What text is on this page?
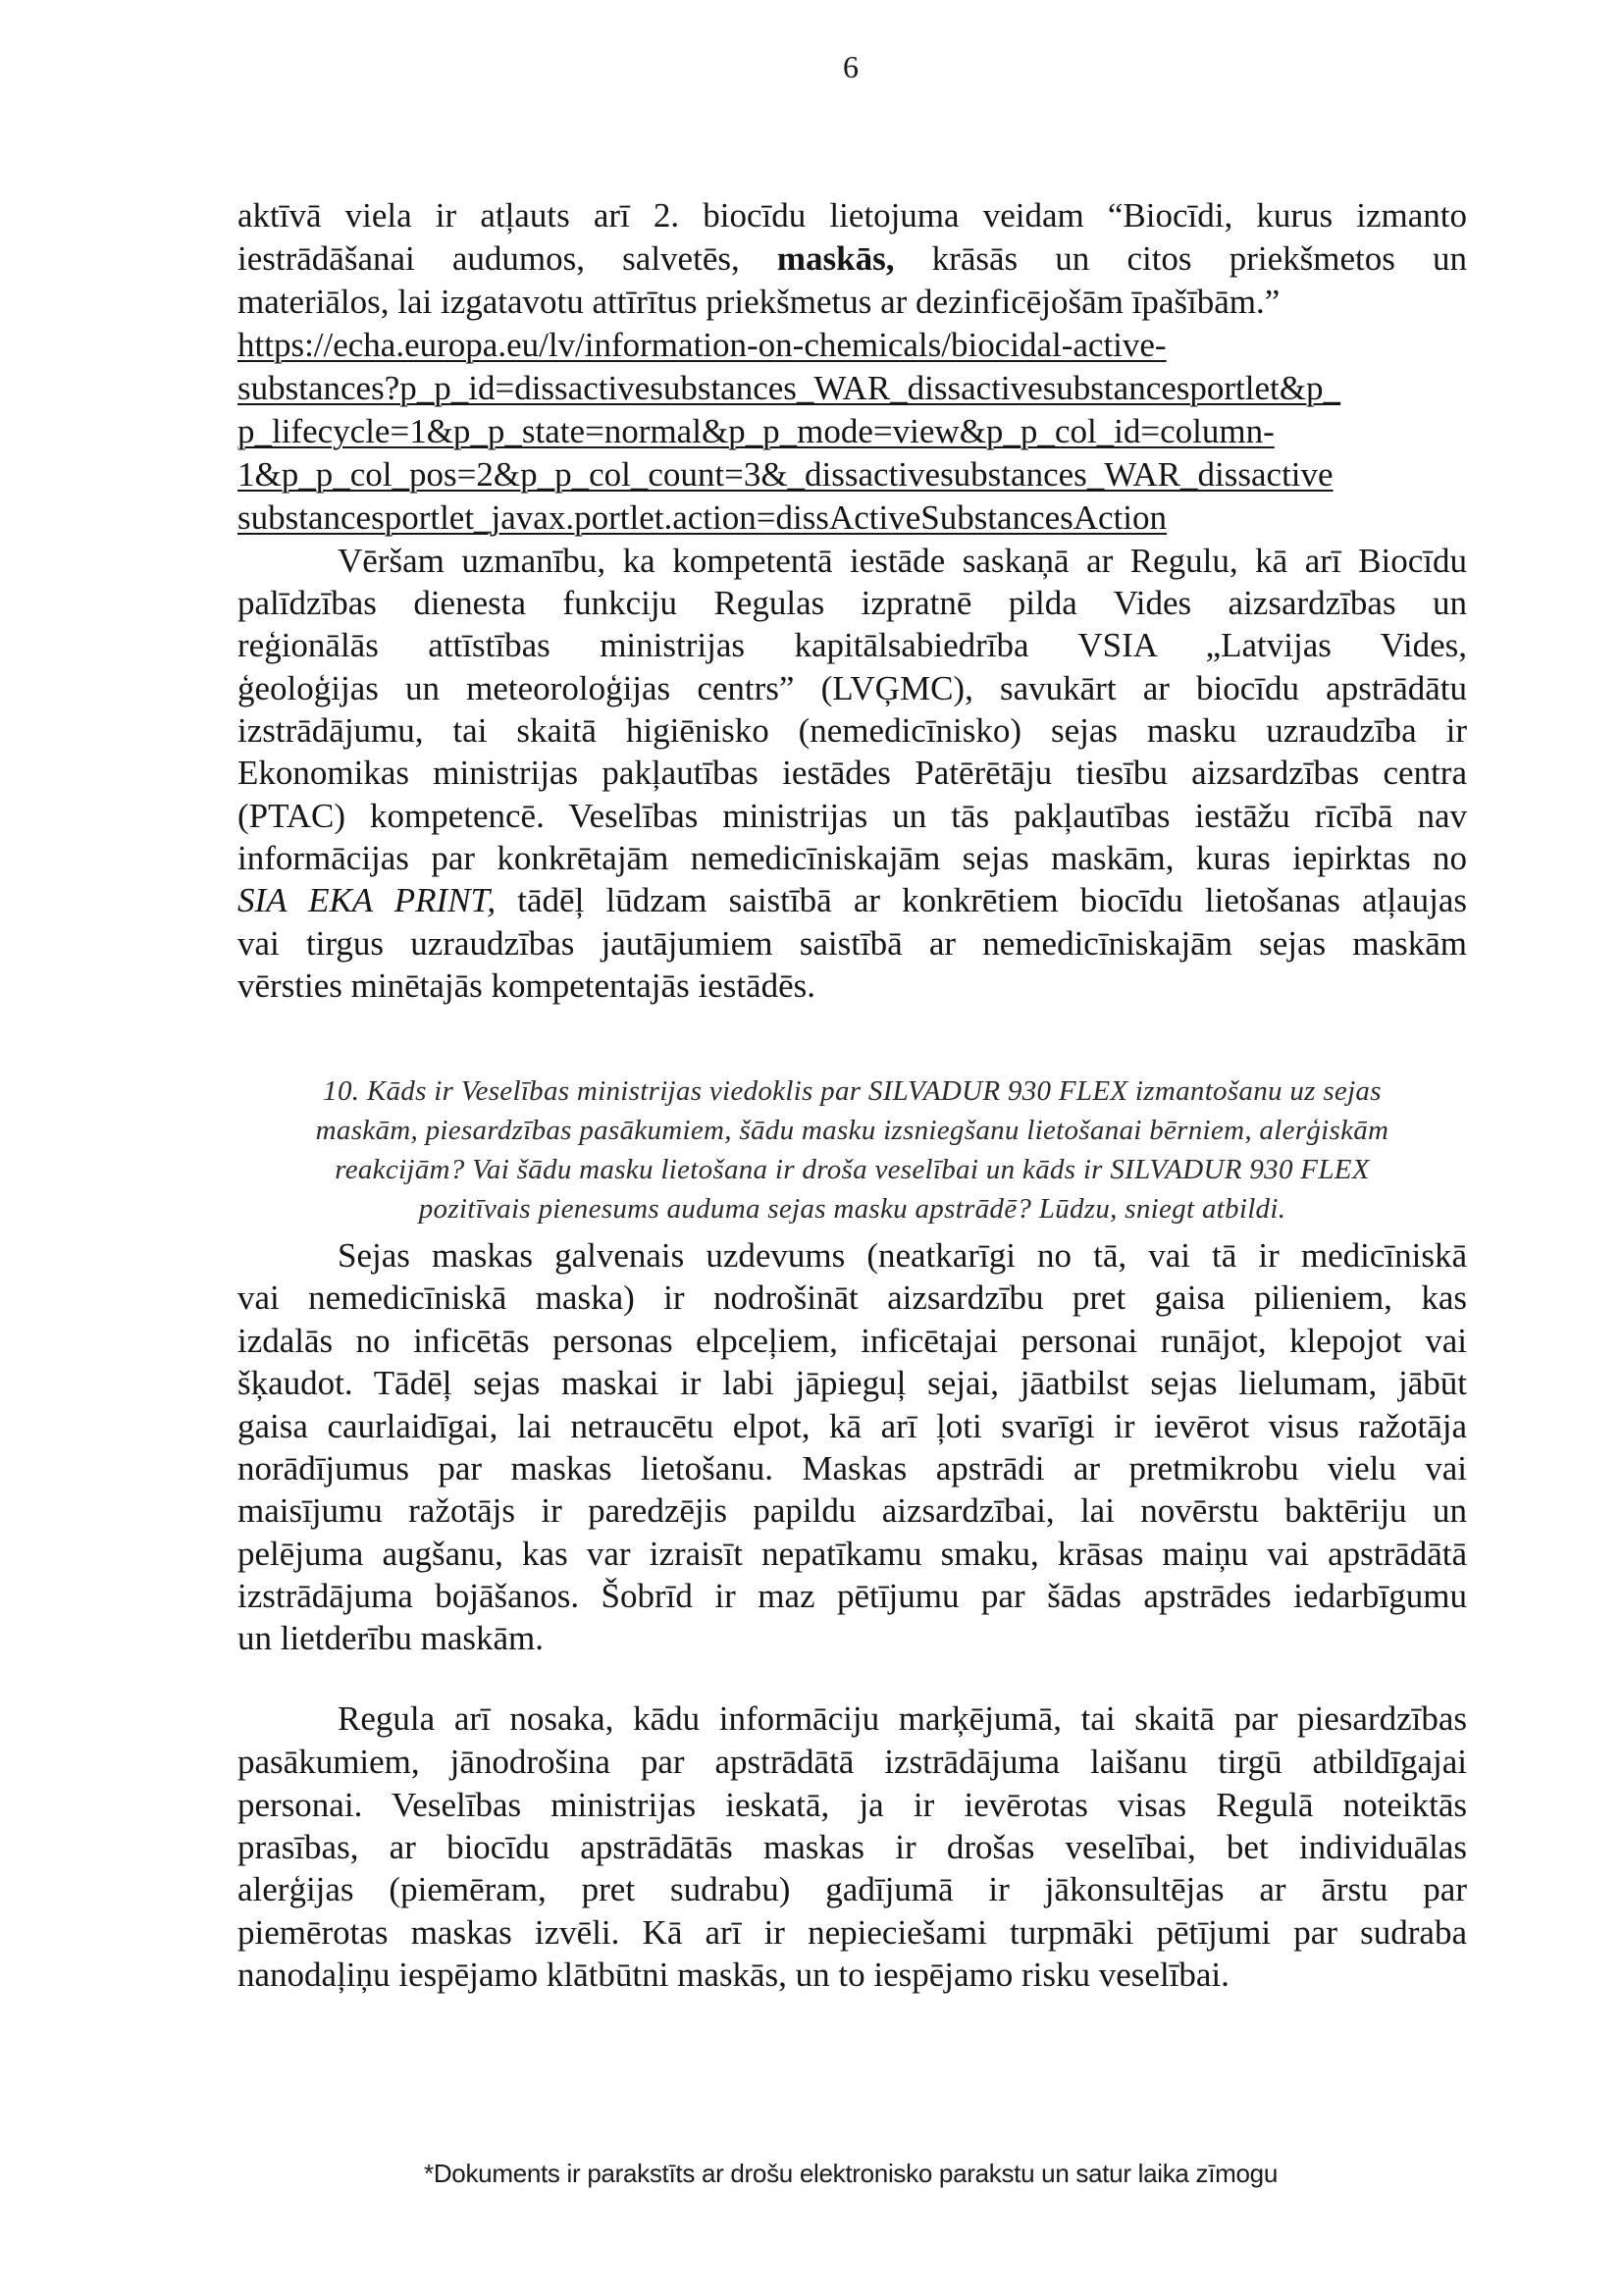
6
aktīvā viela ir atļauts arī 2. biocīdu lietojuma veidam “Biocīdi, kurus izmanto
iestrādāšanai audumos, salvetēs, maskās, krāsās un citos priekšmetos un
materiālos, lai izgatavotu attīrītus priekšmetus ar dezinficējošām īpašībām.”
https://echa.europa.eu/lv/information-on-chemicals/biocidal-active-
substances?p_p_id=dissactivesubstances_WAR_dissactivesubstancesportlet&p_
p_lifecycle=1&p_p_state=normal&p_p_mode=view&p_p_col_id=column-
1&p_p_col_pos=2&p_p_col_count=3&_dissactivesubstances_WAR_dissactive
substancesportlet_javax.portlet.action=dissActiveSubstancesAction
Vēršam uzmanību, ka kompetentā iestāde saskaņā ar Regulu, kā arī Biocīdu
palīdzības dienesta funkciju Regulas izpratnē pilda Vides aizsardzības un
reģionālās attīstības ministrijas kapitālsabiedrība VSIA „Latvijas Vides,
ģeoloģijas un meteoroloģijas centrs” (LVĢMC), savukārt ar biocīdu apstrādātu
izstrādājumu, tai skaitā higiēnisko (nemedicīnisko) sejas masku uzraudzība ir
Ekonomikas ministrijas pakļautības iestādes Patērētāju tiesību aizsardzības centra
(PTAC) kompetencē. Veselības ministrijas un tās pakļautības iestāžu rīcībā nav
informācijas par konkrētajām nemedicīniskajām sejas maskām, kuras iepirktas no
SIA EKA PRINT, tādēļ lūdzam saistībā ar konkrētiem biocīdu lietošanas atļaujas
vai tirgus uzraudzības jautājumiem saistībā ar nemedicīniskajām sejas maskām
vērsties minētajās kompetentajās iestādēs.
10. Kāds ir Veselības ministrijas viedoklis par SILVADUR 930 FLEX izmantošanu uz sejas
maskām, piesardzības pasākumiem, šādu masku izsniegšanu lietošanai bērniem, alerģiskām
reakcijām? Vai šādu masku lietošana ir droša veselībai un kāds ir SILVADUR 930 FLEX
pozitīvais pienesums auduma sejas masku apstrādē? Lūdzu, sniegt atbildi.
Sejas maskas galvenais uzdevums (neatkarīgi no tā, vai tā ir medicīniskā
vai nemedicīniskā maska) ir nodrošināt aizsardzību pret gaisa pilieniem, kas
izdalās no inficētās personas elpceļiem, inficētajai personai runājot, klepojot vai
šķaudot. Tādēļ sejas maskai ir labi jāpieguļ sejai, jāatbilst sejas lielumam, jābūt
gaisa caurlaidīgai, lai netraucētu elpot, kā arī ļoti svarīgi ir ievērot visus ražotāja
norādījumus par maskas lietošanu. Maskas apstrādi ar pretmikrobu vielu vai
maisījumu ražotājs ir paredzējis papildu aizsardzībai, lai novērstu baktēriju un
pelējuma augšanu, kas var izraisīt nepatīkamu smaku, krāsas maiņu vai apstrādātā
izstrādājuma bojāšanos. Šobrīd ir maz pētījumu par šādas apstrādes iedarbīgumu
un lietderību maskām.
Regula arī nosaka, kādu informāciju marķējumā, tai skaitā par piesardzības
pasākumiem, jānodrošina par apstrādātā izstrādājuma laišanu tirgū atbildīgajai
personai. Veselības ministrijas ieskatā, ja ir ievērotas visas Regulā noteiktās
prasības, ar biocīdu apstrādātās maskas ir drošas veselībai, bet individuālas
alerģijas (piemēram, pret sudrabu) gadījumā ir jākonsultējas ar ārstu par
piemērotas maskas izvēli. Kā arī ir nepieciešami turpmāki pētījumi par sudraba
nanodaļiņu iespējamo klātbūtni maskās, un to iespējamo risku veselībai.
*Dokuments ir parakstīts ar drošu elektronisko parakstu un satur laika zīmogu
